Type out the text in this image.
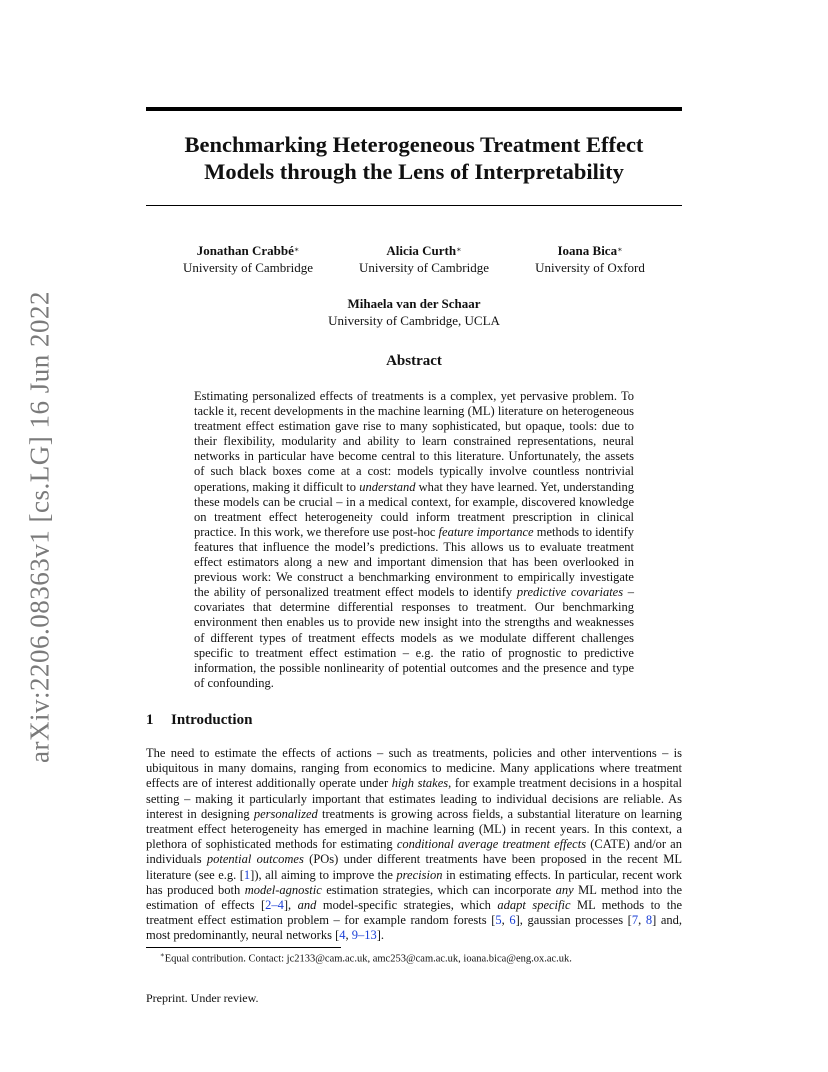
arXiv:2206.08363v1 [cs.LG] 16 Jun 2022
Benchmarking Heterogeneous Treatment Effect
Models through the Lens of Interpretability
Jonathan Crabbé∗
University of Cambridge
Alicia Curth∗
University of Cambridge
Ioana Bica∗
University of Oxford
Mihaela van der Schaar
University of Cambridge, UCLA
Abstract
Estimating personalized effects of treatments is a complex, yet pervasive problem. To tackle it, recent developments in the machine learning (ML) literature on heterogeneous treatment effect estimation gave rise to many sophisticated, but opaque, tools: due to their flexibility, modularity and ability to learn constrained representations, neural networks in particular have become central to this literature. Unfortunately, the assets of such black boxes come at a cost: models typically involve countless nontrivial operations, making it difficult to understand what they have learned. Yet, understanding these models can be crucial – in a medical context, for example, discovered knowledge on treatment effect heterogeneity could inform treatment prescription in clinical practice. In this work, we therefore use post-hoc feature importance methods to identify features that influence the model’s predictions. This allows us to evaluate treatment effect estimators along a new and important dimension that has been overlooked in previous work: We construct a benchmarking environment to empirically investigate the ability of personalized treatment effect models to identify predictive covariates – covariates that determine differential responses to treatment. Our benchmarking environment then enables us to provide new insight into the strengths and weaknesses of different types of treatment effects models as we modulate different challenges specific to treatment effect estimation – e.g. the ratio of prognostic to predictive information, the possible nonlinearity of potential outcomes and the presence and type of confounding.
1 Introduction
The need to estimate the effects of actions – such as treatments, policies and other interventions – is ubiquitous in many domains, ranging from economics to medicine. Many applications where treatment effects are of interest additionally operate under high stakes, for example treatment decisions in a hospital setting – making it particularly important that estimates leading to individual decisions are reliable. As interest in designing personalized treatments is growing across fields, a substantial literature on learning treatment effect heterogeneity has emerged in machine learning (ML) in recent years. In this context, a plethora of sophisticated methods for estimating conditional average treatment effects (CATE) and/or an individuals potential outcomes (POs) under different treatments have been proposed in the recent ML literature (see e.g. [1]), all aiming to improve the precision in estimating effects. In particular, recent work has produced both model-agnostic estimation strategies, which can incorporate any ML method into the estimation of effects [2–4], and model-specific strategies, which adapt specific ML methods to the treatment effect estimation problem – for example random forests [5, 6], gaussian processes [7, 8] and, most predominantly, neural networks [4, 9–13].
∗Equal contribution. Contact: jc2133@cam.ac.uk, amc253@cam.ac.uk, ioana.bica@eng.ox.ac.uk.
Preprint. Under review.
